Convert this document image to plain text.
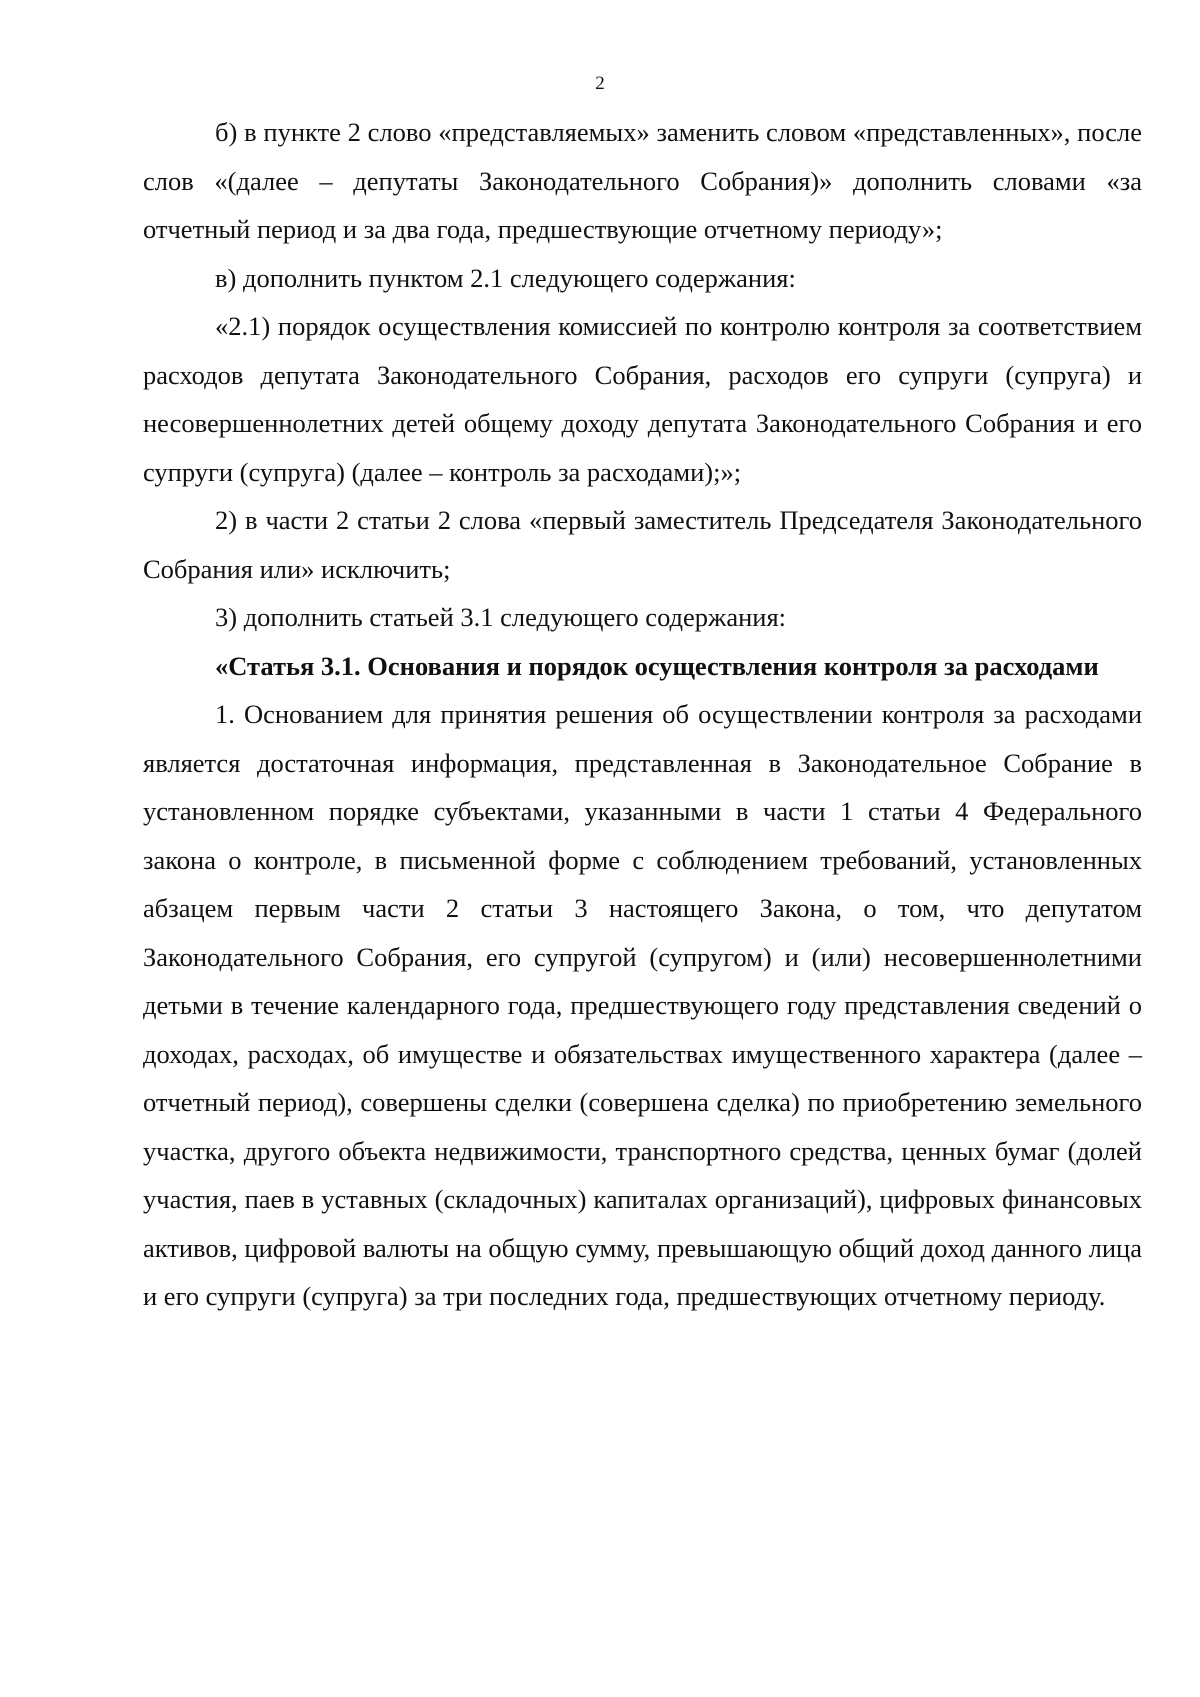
2

б) в пункте 2 слово «представляемых» заменить словом «представленных», после слов «(далее – депутаты Законодательного Собрания)» дополнить словами «за отчетный период и за два года, предшествующие отчетному периоду»;

в) дополнить пунктом 2.1 следующего содержания:

«2.1) порядок осуществления комиссией по контролю контроля за соответствием расходов депутата Законодательного Собрания, расходов его супруги (супруга) и несовершеннолетних детей общему доходу депутата Законодательного Собрания и его супруги (супруга) (далее – контроль за расходами);»;

2) в части 2 статьи 2 слова «первый заместитель Председателя Законодательного Собрания или» исключить;

3) дополнить статьей 3.1 следующего содержания:

«Статья 3.1. Основания и порядок осуществления контроля за расходами

1. Основанием для принятия решения об осуществлении контроля за расходами является достаточная информация, представленная в Законодательное Собрание в установленном порядке субъектами, указанными в части 1 статьи 4 Федерального закона о контроле, в письменной форме с соблюдением требований, установленных абзацем первым части 2 статьи 3 настоящего Закона, о том, что депутатом Законодательного Собрания, его супругой (супругом) и (или) несовершеннолетними детьми в течение календарного года, предшествующего году представления сведений о доходах, расходах, об имуществе и обязательствах имущественного характера (далее – отчетный период), совершены сделки (совершена сделка) по приобретению земельного участка, другого объекта недвижимости, транспортного средства, ценных бумаг (долей участия, паев в уставных (складочных) капиталах организаций), цифровых финансовых активов, цифровой валюты на общую сумму, превышающую общий доход данного лица и его супруги (супруга) за три последних года, предшествующих отчетному периоду.
